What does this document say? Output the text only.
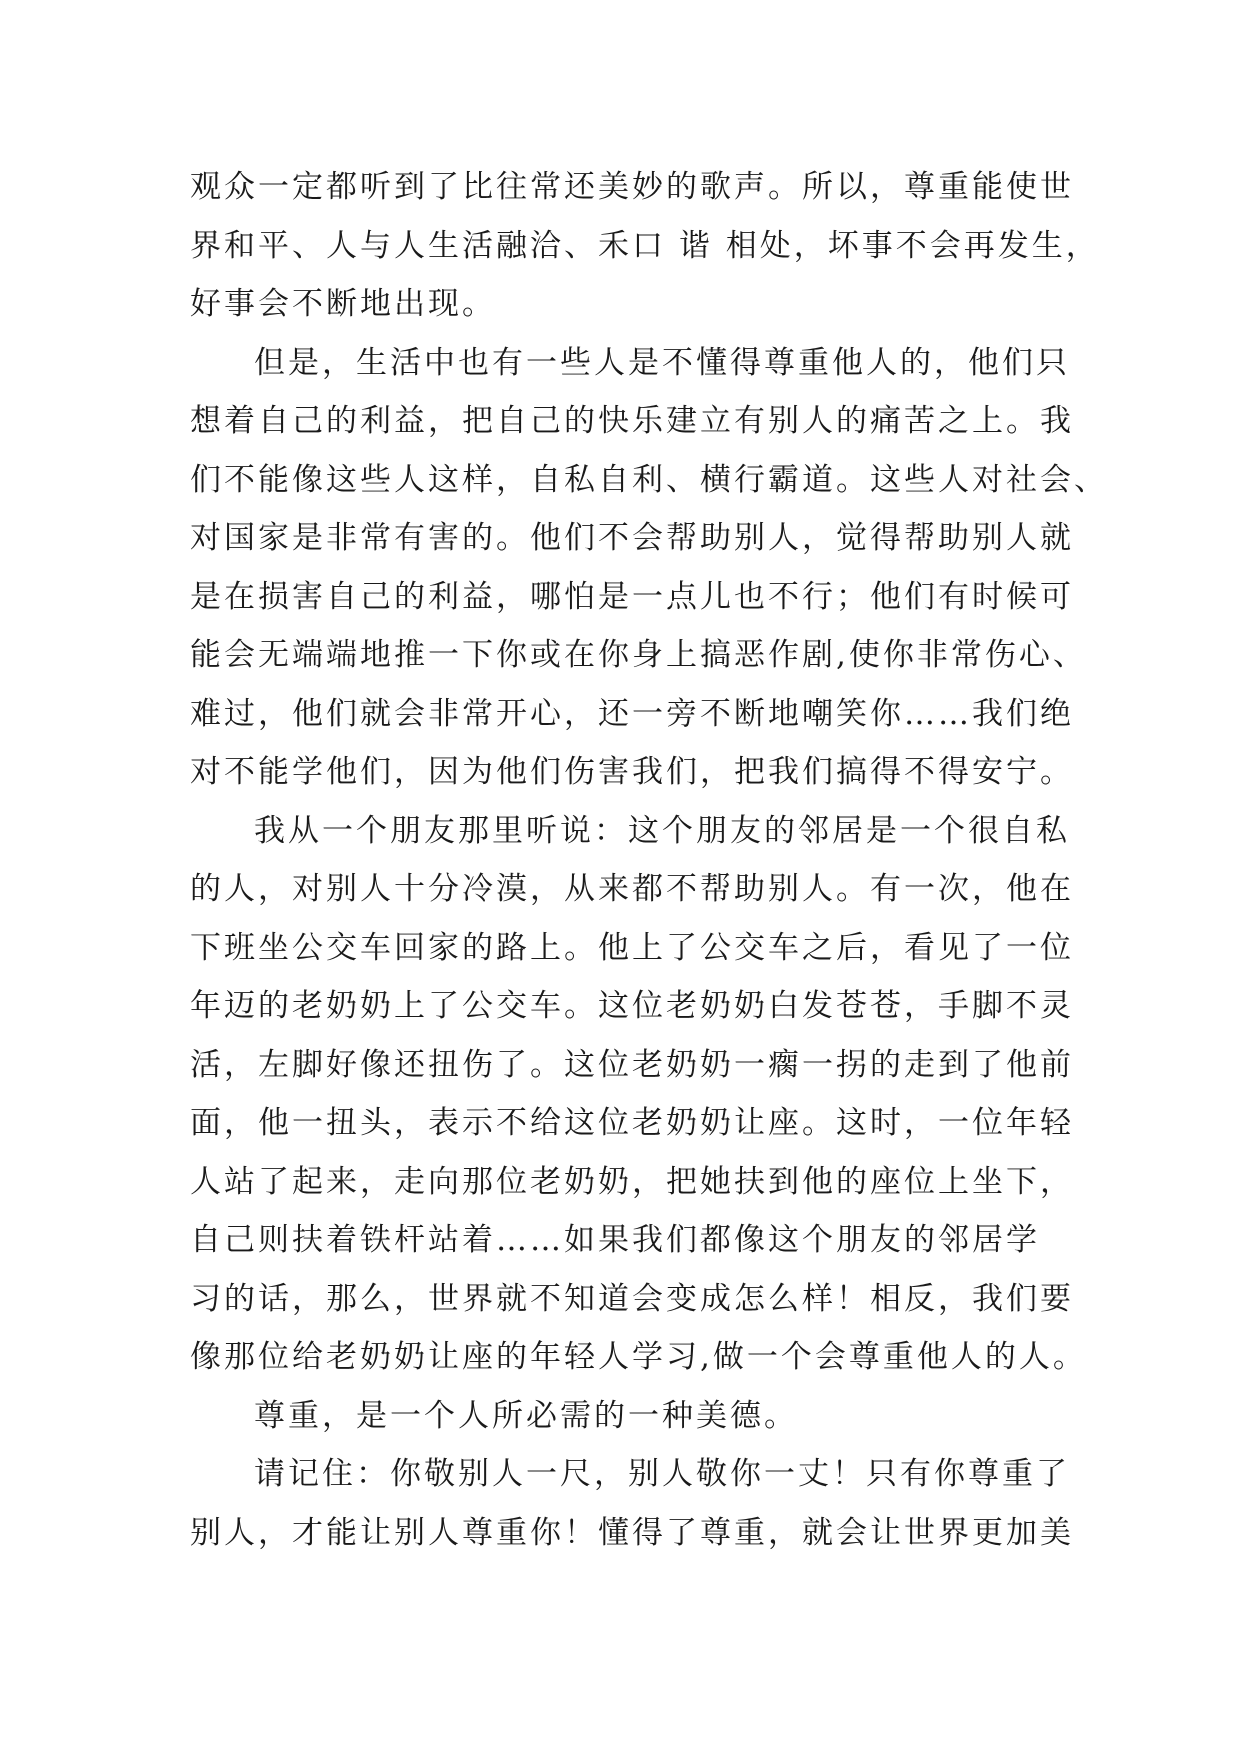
观众一定都听到了比往常还美妙的歌声。所以，尊重能使世
界和平、人与人生活融洽、禾口 谐 相处，坏事不会再发生，
好事会不断地出现。
但是，生活中也有一些人是不懂得尊重他人的，他们只
想着自己的利益，把自己的快乐建立有别人的痛苦之上。我
们不能像这些人这样，自私自利、横行霸道。这些人对社会、
对国家是非常有害的。他们不会帮助别人，觉得帮助别人就
是在损害自己的利益，哪怕是一点儿也不行；他们有时候可
能会无端端地推一下你或在你身上搞恶作剧,使你非常伤心、
难过，他们就会非常开心，还一旁不断地嘲笑你……我们绝
对不能学他们，因为他们伤害我们，把我们搞得不得安宁。
我从一个朋友那里听说：这个朋友的邻居是一个很自私
的人，对别人十分冷漠，从来都不帮助别人。有一次，他在
下班坐公交车回家的路上。他上了公交车之后，看见了一位
年迈的老奶奶上了公交车。这位老奶奶白发苍苍，手脚不灵
活，左脚好像还扭伤了。这位老奶奶一瘸一拐的走到了他前
面，他一扭头，表示不给这位老奶奶让座。这时，一位年轻
人站了起来，走向那位老奶奶，把她扶到他的座位上坐下，
自己则扶着铁杆站着……如果我们都像这个朋友的邻居学
习的话，那么，世界就不知道会变成怎么样！相反，我们要
像那位给老奶奶让座的年轻人学习,做一个会尊重他人的人。
尊重，是一个人所必需的一种美德。
请记住：你敬别人一尺，别人敬你一丈！只有你尊重了
别人，才能让别人尊重你！懂得了尊重，就会让世界更加美
